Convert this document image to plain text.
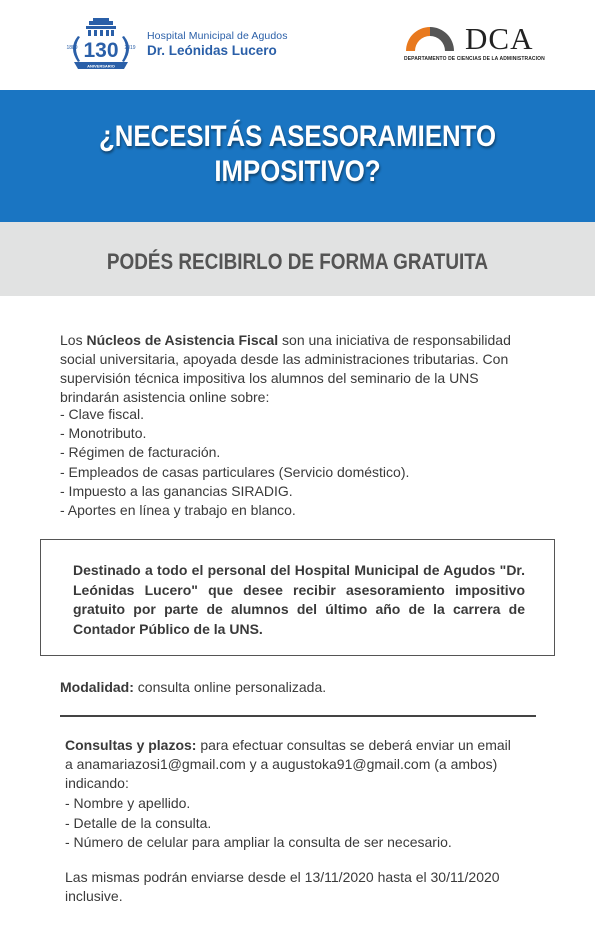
130
1889	2019
ANIVERSARIO
Hospital Municipal de Agudos
Dr. Leónidas Lucero	DCA
DEPARTAMENTO DE CIENCIAS DE LA ADMINISTRACION
¿NECESITÁS ASESORAMIENTO
IMPOSITIVO?
PODÉS RECIBIRLO DE FORMA GRATUITA

Los Núcleos de Asistencia Fiscal son una iniciativa de responsabilidad social universitaria, apoyada desde las administraciones tributarias. Con supervisión técnica impositiva los alumnos del seminario de la UNS brindarán asistencia online sobre:

- Clave fiscal.
- Monotributo.
- Régimen de facturación.
- Empleados de casas particulares (Servicio doméstico).
- Impuesto a las ganancias SIRADIG.
- Aportes en línea y trabajo en blanco.

Destinado a todo el personal del Hospital Municipal de Agudos "Dr. Leónidas Lucero" que desee recibir asesoramiento impositivo gratuito por parte de alumnos del último año de la carrera de Contador Público de la UNS.

Modalidad: consulta online personalizada.

Consultas y plazos: para efectuar consultas se deberá enviar un email a anamariazosi1@gmail.com y a augustoka91@gmail.com (a ambos) indicando:

- Nombre y apellido.
- Detalle de la consulta.
- Número de celular para ampliar la consulta de ser necesario.

Las mismas podrán enviarse desde el 13/11/2020 hasta el 30/11/2020 inclusive.
